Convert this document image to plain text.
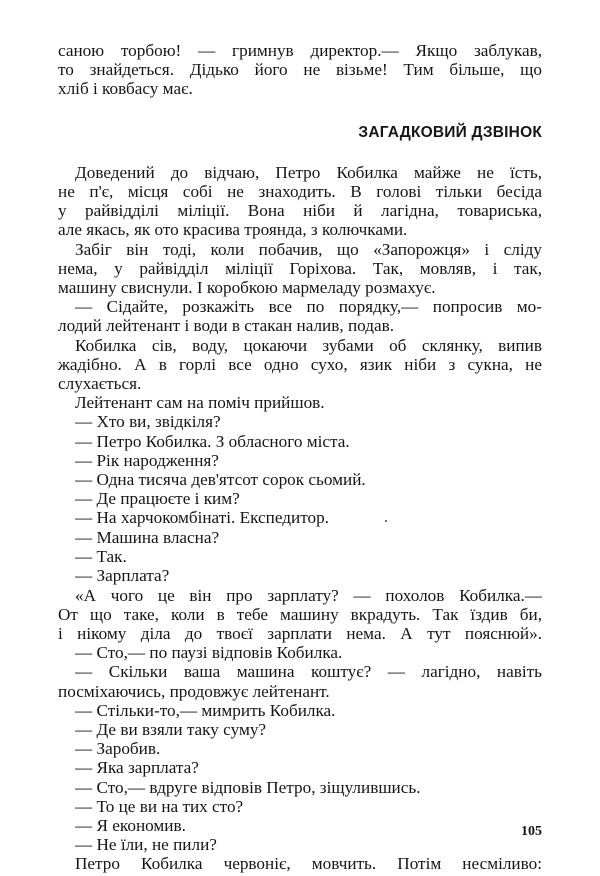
саною торбою! — гримнув директор.— Якщо заблукав,
то знайдеться. Дідько його не візьме! Тим більше, що
хліб і ковбасу має.
ЗАГАДКОВИЙ ДЗВІНОК
Доведений до відчаю, Петро Кобилка майже не їсть,
не п'є, місця собі не знаходить. В голові тільки бесіда
у райвідділі міліції. Вона ніби й лагідна, товариська,
але якась, як ото красива троянда, з колючками.
Забіг він тоді, коли побачив, що «Запорожця» і сліду
нема, у райвідділ міліції Горіхова. Так, мовляв, і так,
машину свиснули. І коробкою мармеладу розмахує.
— Сідайте, розкажіть все по порядку,— попросив мо-
лодий лейтенант і води в стакан налив, подав.
Кобилка сів, воду, цокаючи зубами об склянку, випив
жадібно. А в горлі все одно сухо, язик ніби з сукна, не
слухається.
Лейтенант сам на поміч прийшов.
— Хто ви, звідкіля?
— Петро Кобилка. З обласного міста.
— Рік народження?
— Одна тисяча дев'ятсот сорок сьомий.
— Де працюєте і ким?
— На харчокомбінаті. Експедитор.
— Машина власна?
— Так.
— Зарплата?
«А чого це він про зарплату? — похолов Кобилка.—
От що таке, коли в тебе машину вкрадуть. Так їздив би,
і нікому діла до твоєї зарплати нема. А тут пояснюй».
— Сто,— по паузі відповів Кобилка.
— Скільки ваша машина коштує? — лагідно, навіть
посміхаючись, продовжує лейтенант.
— Стільки-то,— мимрить Кобилка.
— Де ви взяли таку суму?
— Заробив.
— Яка зарплата?
— Сто,— вдруге відповів Петро, зіщулившись.
— То це ви на тих сто?
— Я економив.
— Не їли, не пили?
Петро Кобилка червоніє, мовчить. Потім несміливо:
105
